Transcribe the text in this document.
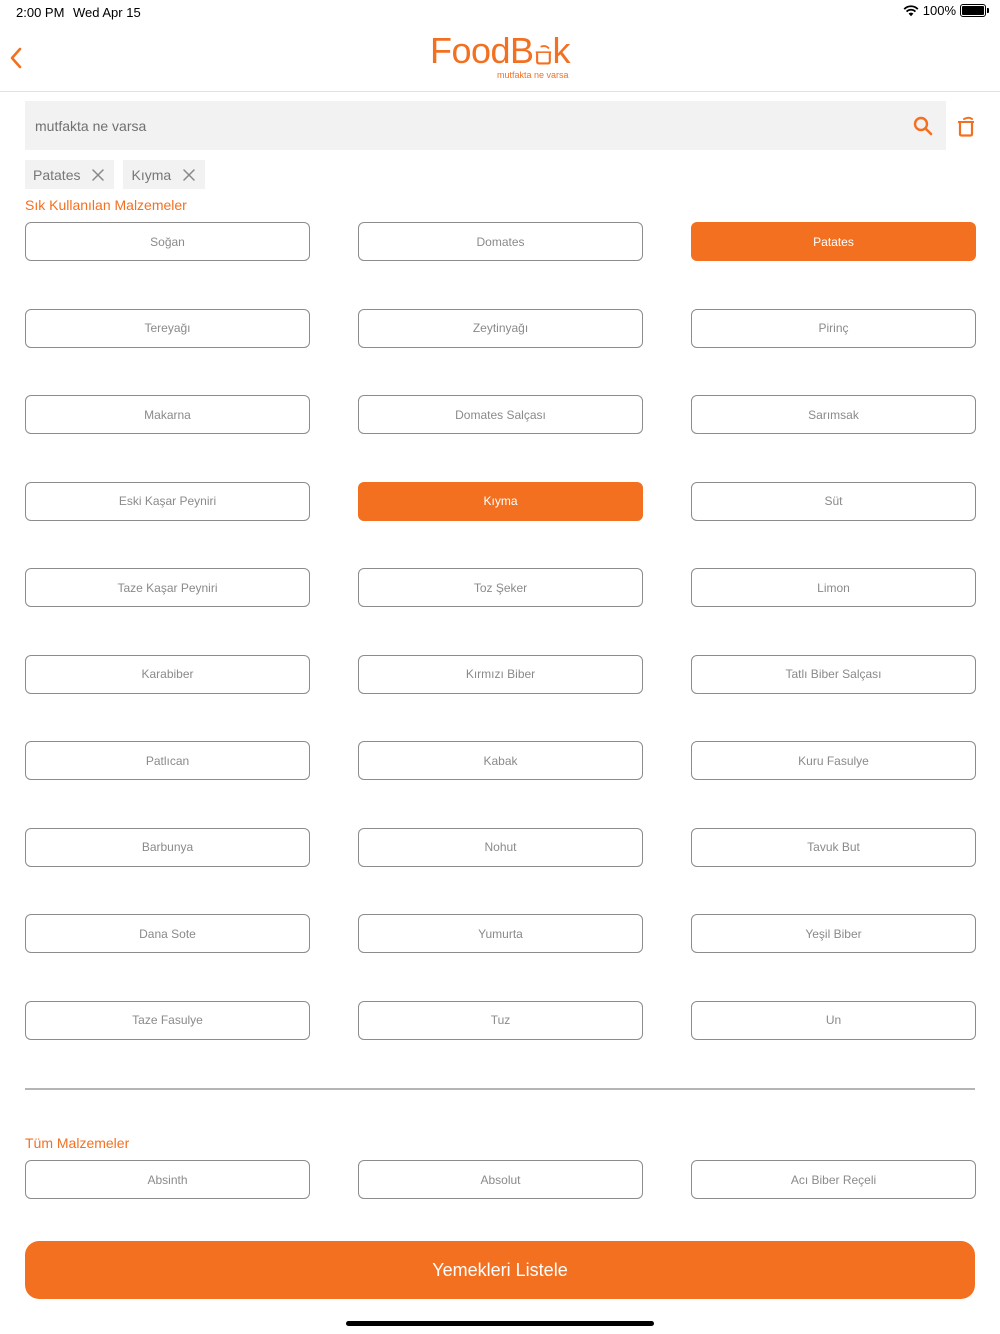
2:00 PM Wed Apr 15	100%
FoodB k
mutfakta ne varsa
mutfakta ne varsa
Patates	Kıyma
Sık Kullanılan Malzemeler
Soğan	Domates	Patates
Tereyağı	Zeytinyağı	Pirinç
Makarna	Domates Salçası	Sarımsak
Eski Kaşar Peyniri	Kıyma	Süt
Taze Kaşar Peyniri	Toz Şeker	Limon
Karabiber	Kırmızı Biber	Tatlı Biber Salçası
Patlıcan	Kabak	Kuru Fasulye
Barbunya	Nohut	Tavuk But
Dana Sote	Yumurta	Yeşil Biber
Taze Fasulye	Tuz	Un
Tüm Malzemeler
Absinth	Absolut	Acı Biber Reçeli
Yemekleri Listele
